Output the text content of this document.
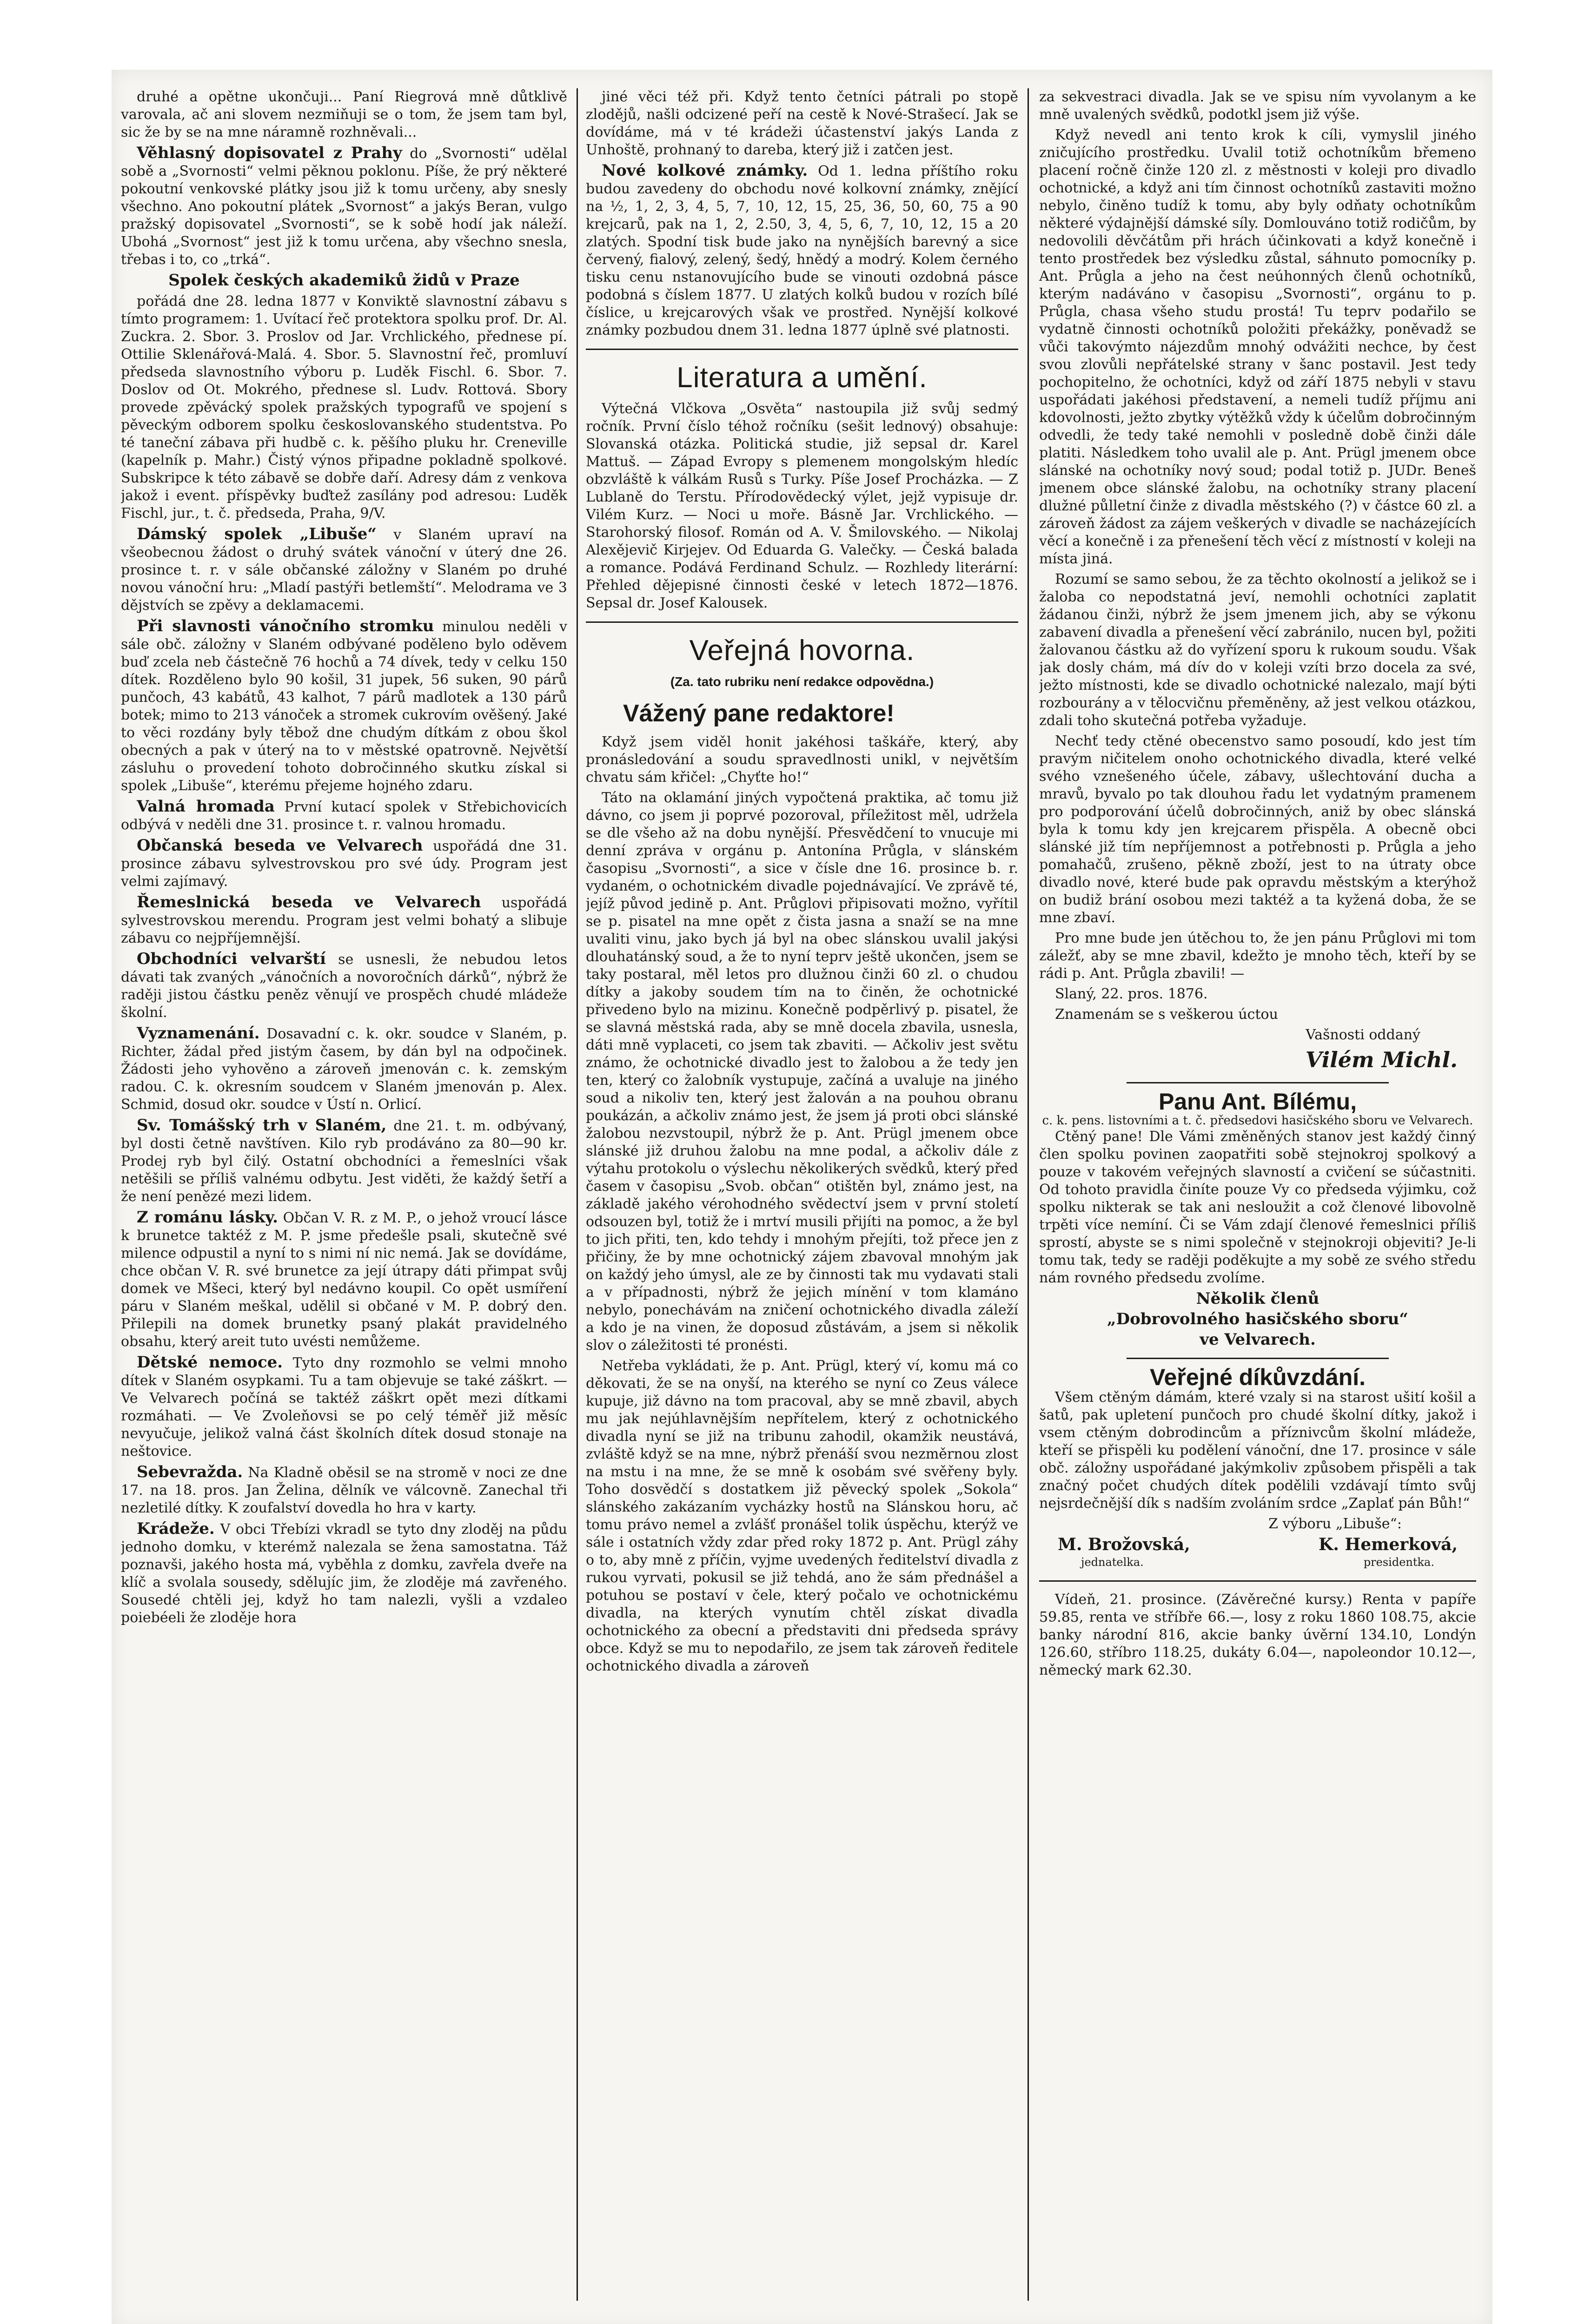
druhé a opětne ukončuji... Paní Riegrová mně důtklivě varovala, ač ani slovem nezmiňuji se o tom, že jsem tam byl, sic že by se na mne náramně rozhněvali...

Věhlasný dopisovatel z Prahy do „Svornosti“ udělal sobě a „Svornosti“ velmi pěknou poklonu. Píše, že prý některé pokoutní venkovské plátky jsou již k tomu určeny, aby snesly všechno. Ano pokoutní plátek „Svornost“ a jakýs Beran, vulgo pražský dopisovatel „Svornosti“, se k sobě hodí jak náleží. Ubohá „Svornost“ jest již k tomu určena, aby všechno snesla, třebas i to, co „trká“.

Spolek českých akademiků židů v Praze

pořádá dne 28. ledna 1877 v Konviktě slavnostní zábavu s tímto programem: 1. Uvítací řeč protektora spolku prof. Dr. Al. Zuckra. 2. Sbor. 3. Proslov od Jar. Vrchlického, přednese pí. Ottilie Sklenářová-Malá. 4. Sbor. 5. Slavnostní řeč, promluví předseda slavnostního výboru p. Luděk Fischl. 6. Sbor. 7. Doslov od Ot. Mokrého, přednese sl. Ludv. Rottová. Sbory provede zpěvácký spolek pražských typografů ve spojení s pěveckým odborem spolku českoslovanského studentstva. Po té taneční zábava při hudbě c. k. pěšího pluku hr. Creneville (kapelník p. Mahr.) Čistý výnos připadne pokladně spolkové. Subskripce k této zábavě se dobře daří. Adresy dám z venkova jakož i event. příspěvky buďtež zasílány pod adresou: Luděk Fischl, jur., t. č. předseda, Praha, 9/V.

Dámský spolek „Libuše“ v Slaném upraví na všeobecnou žádost o druhý svátek vánoční v úterý dne 26. prosince t. r. v sále občanské záložny v Slaném po druhé novou vánoční hru: „Mladí pastýři betlemští“. Melodrama ve 3 dějstvích se zpěvy a deklamacemi.

Při slavnosti vánočního stromku minulou neděli v sále obč. záložny v Slaném odbývané poděleno bylo oděvem buď zcela neb částečně 76 hochů a 74 dívek, tedy v celku 150 dítek. Rozděleno bylo 90 košil, 31 jupek, 56 suken, 90 párů punčoch, 43 kabátů, 43 kalhot, 7 párů madlotek a 130 párů botek; mimo to 213 vánoček a stromek cukrovím ověšený. Jaké to věci rozdány byly těbož dne chudým dítkám z obou škol obecných a pak v úterý na to v městské opatrovně. Největší zásluhu o provedení tohoto dobročinného skutku získal si spolek „Libuše“, kterému přejeme hojného zdaru.

Valná hromada První kutací spolek v Střebichovicích odbývá v neděli dne 31. prosince t. r. valnou hromadu.

Občanská beseda ve Velvarech uspořádá dne 31. prosince zábavu sylvestrovskou pro své údy. Program jest velmi zajímavý.

Řemeslnická beseda ve Velvarech uspořádá sylvestrovskou merendu. Program jest velmi bohatý a slibuje zábavu co nejpříjemnější.

Obchodníci velvarští se usnesli, že nebudou letos dávati tak zvaných „vánočních a novoročních dárků“, nýbrž že raději jistou částku peněz věnují ve prospěch chudé mládeže školní.

Vyznamenání. Dosavadní c. k. okr. soudce v Slaném, p. Richter, žádal před jistým časem, by dán byl na odpočinek. Žádosti jeho vyhověno a zároveň jmenován c. k. zemským radou. C. k. okresním soudcem v Slaném jmenován p. Alex. Schmid, dosud okr. soudce v Ústí n. Orlicí.

Sv. Tomášský trh v Slaném, dne 21. t. m. odbývaný, byl dosti četně navštíven. Kilo ryb prodáváno za 80—90 kr. Prodej ryb byl čilý. Ostatní obchodníci a řemeslníci však netěšili se příliš valnému odbytu. Jest viděti, že každý šetří a že není penězé mezi lidem.

Z románu lásky. Občan V. R. z M. P., o jehož vroucí lásce k brunetce taktéž z M. P. jsme předešle psali, skutečně své milence odpustil a nyní to s nimi ní nic nemá. Jak se dovídáme, chce občan V. R. své brunetce za její útrapy dáti přimpat svůj domek ve Mšeci, který byl nedávno koupil. Co opět usmíření páru v Slaném meškal, udělil si občané v M. P. dobrý den. Přilepili na domek brunetky psaný plakát pravidelného obsahu, který areit tuto uvésti nemůžeme.

Dětské nemoce. Tyto dny rozmohlo se velmi mnoho dítek v Slaném osypkami. Tu a tam objevuje se také záškrt. — Ve Velvarech počíná se taktéž záškrt opět mezi dítkami rozmáhati. — Ve Zvoleňovsi se po celý téměř již měsíc nevyučuje, jelikož valná část školních dítek dosud stonaje na neštovice.

Sebevražda. Na Kladně oběsil se na stromě v noci ze dne 17. na 18. pros. Jan Želina, dělník ve válcovně. Zanechal tři nezletilé dítky. K zoufalství dovedla ho hra v karty.

Krádeže. V obci Třebízi vkradl se tyto dny zloděj na půdu jednoho domku, v kterémž nalezala se žena samostatna. Táž poznavši, jakého hosta má, vyběhla z domku, zavřela dveře na klíč a svolala sousedy, sdělujíc jim, že zloděje má zavřeného. Sousedé chtěli jej, když ho tam nalezli, vyšli a vzdaleo poiebéeli že zloděje hora

jiné věci též při. Když tento četníci pátrali po stopě zlodějů, našli odcizené peří na cestě k Nové-Strašecí. Jak se dovídáme, má v té krádeži účastenství jakýs Landa z Unhoště, prohnaný to dareba, který již i zatčen jest.

Nové kolkové známky. Od 1. ledna příštího roku budou zavedeny do obchodu nové kolkovní známky, znějící na ½, 1, 2, 3, 4, 5, 7, 10, 12, 15, 25, 36, 50, 60, 75 a 90 krejcarů, pak na 1, 2, 2.50, 3, 4, 5, 6, 7, 10, 12, 15 a 20 zlatých. Spodní tisk bude jako na nynějších barevný a sice červený, fialový, zelený, šedý, hnědý a modrý. Kolem černého tisku cenu nstanovujícího bude se vinouti ozdobná pásce podobná s číslem 1877. U zlatých kolků budou v rozích bílé číslice, u krejcarových však ve prostřed. Nynější kolkové známky pozbudou dnem 31. ledna 1877 úplně své platnosti.

Literatura a umění.

Výtečná Vlčkova „Osvěta“ nastoupila již svůj sedmý ročník. První číslo téhož ročníku (sešit lednový) obsahuje: Slovanská otázka. Politická studie, již sepsal dr. Karel Mattuš. — Západ Evropy s plemenem mongolským hledíc obzvláště k válkám Rusů s Turky. Píše Josef Procházka. — Z Lublaně do Terstu. Přírodovědecký výlet, jejž vypisuje dr. Vilém Kurz. — Noci u moře. Básně Jar. Vrchlického. — Starohorský filosof. Román od A. V. Šmilovského. — Nikolaj Alexějevič Kirjejev. Od Eduarda G. Valečky. — Česká balada a romance. Podává Ferdinand Schulz. — Rozhledy literární: Přehled dějepisné činnosti české v letech 1872—1876. Sepsal dr. Josef Kalousek.

Veřejná hovorna.
(Za. tato rubriku není redakce odpovědna.)
Vážený pane redaktore!

Když jsem viděl honit jakéhosi taškáře, který, aby pronásledování a soudu spravedlnosti unikl, v největším chvatu sám křičel: „Chyťte ho!“

Táto na oklamání jiných vypočtená praktika, ač tomu již dávno, co jsem ji poprvé pozoroval, příležitost měl, udržela se dle všeho až na dobu nynější. Přesvědčení to vnucuje mi denní zpráva v orgánu p. Antonína Průgla, v slánském časopisu „Svornosti“, a sice v čísle dne 16. prosince b. r. vydaném, o ochotnickém divadle pojednávající. Ve zprávě té, jejíž původ jedině p. Ant. Průglovi připisovati možno, vyřítil se p. pisatel na mne opět z čista jasna a snaží se na mne uvaliti vinu, jako bych já byl na obec slánskou uvalil jakýsi dlouhatánský soud, a že to nyní teprv ještě ukončen, jsem se taky postaral, měl letos pro dlužnou činži 60 zl. o chudou dítky a jakoby soudem tím na to činěn, že ochotnické přivedeno bylo na mizinu. Konečně podpěrlivý p. pisatel, že se slavná městská rada, aby se mně docela zbavila, usnesla, dáti mně vyplaceti, co jsem tak zbaviti. — Ačkoliv jest světu známo, že ochotnické divadlo jest to žalobou a že tedy jen ten, který co žalobník vystupuje, začíná a uvaluje na jiného soud a nikoliv ten, který jest žalován a na pouhou obranu poukázán, a ačkoliv známo jest, že jsem já proti obci slánské žalobou nezvstoupil, nýbrž že p. Ant. Prügl jmenem obce slánské již druhou žalobu na mne podal, a ačkoliv dále z výtahu protokolu o výslechu několikerých svědků, který před časem v časopisu „Svob. občan“ otištěn byl, známo jest, na základě jakého vérohodného svědectví jsem v první století odsouzen byl, totiž že i mrtví musili přijíti na pomoc, a že byl to jich přiti, ten, kdo tehdy i mnohým přejíti, tož přece jen z přičiny, že by mne ochotnický zájem zbavoval mnohým jak on každý jeho úmysl, ale ze by činnosti tak mu vydavati stali a v případnosti, nýbrž že jejich mínění v tom klamáno nebylo, ponechávám na zničení ochotnického divadla záleží a kdo je na vinen, že doposud zůstávám, a jsem si několik slov o záležitosti té pronésti.

Netřeba vykládati, že p. Ant. Prügl, který ví, komu má co děkovati, že se na onyší, na kterého se nyní co Zeus válece kupuje, již dávno na tom pracoval, aby se mně zbavil, abych mu jak nejúhlavnějším nepřítelem, který z ochotnického divadla nyní se již na tribunu zahodil, okamžik neustává, zvláště když se na mne, nýbrž přenáší svou nezměrnou zlost na mstu i na mne, že se mně k osobám své svěřeny byly. Toho dosvědčí s dostatkem již pěvecký spolek „Sokola“ slánského zakázaním vycházky hostů na Slánskou horu, ač tomu právo nemel a zvlášť pronášel tolik úspěchu, kterýž ve sále i ostatních vždy zdar před roky 1872 p. Ant. Prügl záhy o to, aby mně z příčin, vyjme uvedených ředitelství divadla z rukou vyrvati, pokusil se již tehdá, ano že sám přednášel a potuhou se postaví v čele, který počalo ve ochotnickému divadla, na kterých vynutím chtěl získat divadla ochotnického za obecní a představiti dni předseda správy obce. Když se mu to nepodařilo, ze jsem tak zároveň ředitele ochotnického divadla a zároveň

za sekvestraci divadla. Jak se ve spisu ním vyvolanym a ke mně uvalených svědků, podotkl jsem již výše.

Když nevedl ani tento krok k cíli, vymyslil jiného zničujícího prostředku. Uvalil totiž ochotníkům břemeno placení ročně činže 120 zl. z městnosti v koleji pro divadlo ochotnické, a když ani tím činnost ochotníků zastaviti možno nebylo, činěno tudíž k tomu, aby byly odňaty ochotníkům některé výdajnější dámské síly. Domlouváno totiž rodičům, by nedovolili děvčátům při hrách účinkovati a když konečně i tento prostředek bez výsledku zůstal, sáhnuto pomocníky p. Ant. Průgla a jeho na čest neúhonných členů ochotníků, kterým nadáváno v časopisu „Svornosti“, orgánu to p. Průgla, chasa všeho studu prostá! Tu teprv podařilo se vydatně činnosti ochotníků položiti překážky, poněvadž se vůči takovýmto nájezdům mnohý odvážiti nechce, by čest svou zlovůli nepřátelské strany v šanc postavil. Jest tedy pochopitelno, že ochotníci, když od září 1875 nebyli v stavu uspořádati jakéhosi představení, a nemeli tudíž příjmu ani kdovolnosti, ježto zbytky výtěžků vždy k účelům dobročinným odvedli, že tedy také nemohli v posledně době činži dále platiti. Následkem toho uvalil ale p. Ant. Prügl jmenem obce slánské na ochotníky nový soud; podal totiž p. JUDr. Beneš jmenem obce slánské žalobu, na ochotníky strany placení dlužné půlletní činže z divadla městského (?) v částce 60 zl. a zároveň žádost za zájem veškerých v divadle se nacházejících věcí a konečně i za přenešení těch věcí z místností v koleji na místa jiná.

Rozumí se samo sebou, že za těchto okolností a jelikož se i žaloba co nepodstatná jeví, nemohli ochotníci zaplatit žádanou činži, nýbrž že jsem jmenem jich, aby se výkonu zabavení divadla a přenešení věcí zabránilo, nucen byl, požiti žalovanou částku až do vyřízení sporu k rukoum soudu. Však jak dosly chám, má dív do v koleji vzíti brzo docela za své, ježto místnosti, kde se divadlo ochotnické nalezalo, mají býti rozbourány a v tělocvičnu přeměněny, až jest velkou otázkou, zdali toho skutečná potřeba vyžaduje.

Nechť tedy ctěné obecenstvo samo posoudí, kdo jest tím pravým ničitelem onoho ochotnického divadla, které velké svého vznešeného účele, zábavy, ušlechtování ducha a mravů, byvalo po tak dlouhou řadu let vydatným pramenem pro podporování účelů dobročinných, aniž by obec slánská byla k tomu kdy jen krejcarem přispěla. A obecně obci slánské již tím nepříjemnost a potřebnosti p. Průgla a jeho pomahačů, zrušeno, pěkně zboží, jest to na útraty obce divadlo nové, které bude pak opravdu městským a kterýhož on budiž brání osobou mezi taktéž a ta kyžená doba, že se mne zbaví.

Pro mne bude jen útěchou to, že jen pánu Průglovi mi tom záležť, aby se mne zbavil, kdežto je mnoho těch, kteří by se rádi p. Ant. Průgla zbavili! —

Slaný, 22. pros. 1876.

Znamenám se s veškerou úctou

Vašnosti oddaný

Vilém Michl.
Panu Ant. Bílému,
c. k. pens. listovními a t. č. předsedovi hasičského sboru ve Velvarech.

Ctěný pane! Dle Vámi změněných stanov jest každý činný člen spolku povinen zaopatřiti sobě stejnokroj spolkový a pouze v takovém veřejných slavností a cvičení se súčastniti. Od tohoto pravidla činíte pouze Vy co předseda výjimku, což spolku nikterak se tak ani nesloužit a což členové libovolně trpěti více nemíní. Či se Vám zdají členové řemeslnici příliš sprostí, abyste se s nimi společně v stejnokroji objeviti? Je-li tomu tak, tedy se raději poděkujte a my sobě ze svého středu nám rovného předsedu zvolíme.

Několik členů

„Dobrovolného hasičského sboru“

ve Velvarech.

Veřejné díkůvzdání.

Všem ctěným dámám, které vzaly si na starost ušití košil a šatů, pak upletení punčoch pro chudé školní dítky, jakož i vsem ctěným dobrodincům a příznivcům školní mládeže, kteří se přispěli ku podělení vánoční, dne 17. prosince v sále obč. záložny uspořádané jakýmkoliv způsobem přispěli a tak značný počet chudých dítek podělili vzdávají tímto svůj nejsrdečnější dík s nadším zvoláním srdce „Zaplať pán Bůh!“

Z výboru „Libuše“:

M. Brožovská,	K. Hemerková,
jednatelka.	presidentka.

Vídeň, 21. prosince. (Závěrečné kursy.) Renta v papíře 59.85, renta ve stříbře 66.—, losy z roku 1860 108.75, akcie banky národní 816, akcie banky úvěrní 134.10, Londýn 126.60, stříbro 118.25, dukáty 6.04—, napoleondor 10.12—, německý mark 62.30.
